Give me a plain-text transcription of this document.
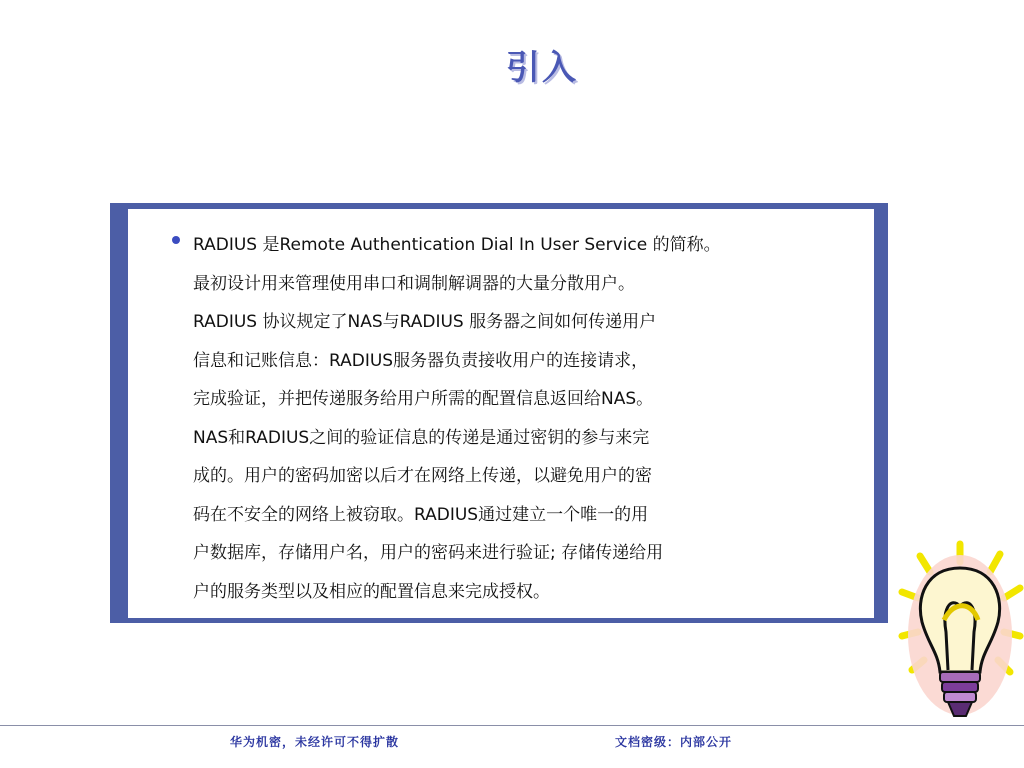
引入

RADIUS 是Remote Authentication Dial In User Service 的简称。
最初设计用来管理使用串口和调制解调器的大量分散用户。
RADIUS 协议规定了NAS与RADIUS 服务器之间如何传递用户
信息和记账信息：RADIUS服务器负责接收用户的连接请求，
完成验证，并把传递服务给用户所需的配置信息返回给NAS。
NAS和RADIUS之间的验证信息的传递是通过密钥的参与来完
成的。用户的密码加密以后才在网络上传递，以避免用户的密
码在不安全的网络上被窃取。RADIUS通过建立一个唯一的用
户数据库，存储用户名，用户的密码来进行验证; 存储传递给用
户的服务类型以及相应的配置信息来完成授权。

华为机密，未经许可不得扩散	文档密级：内部公开
